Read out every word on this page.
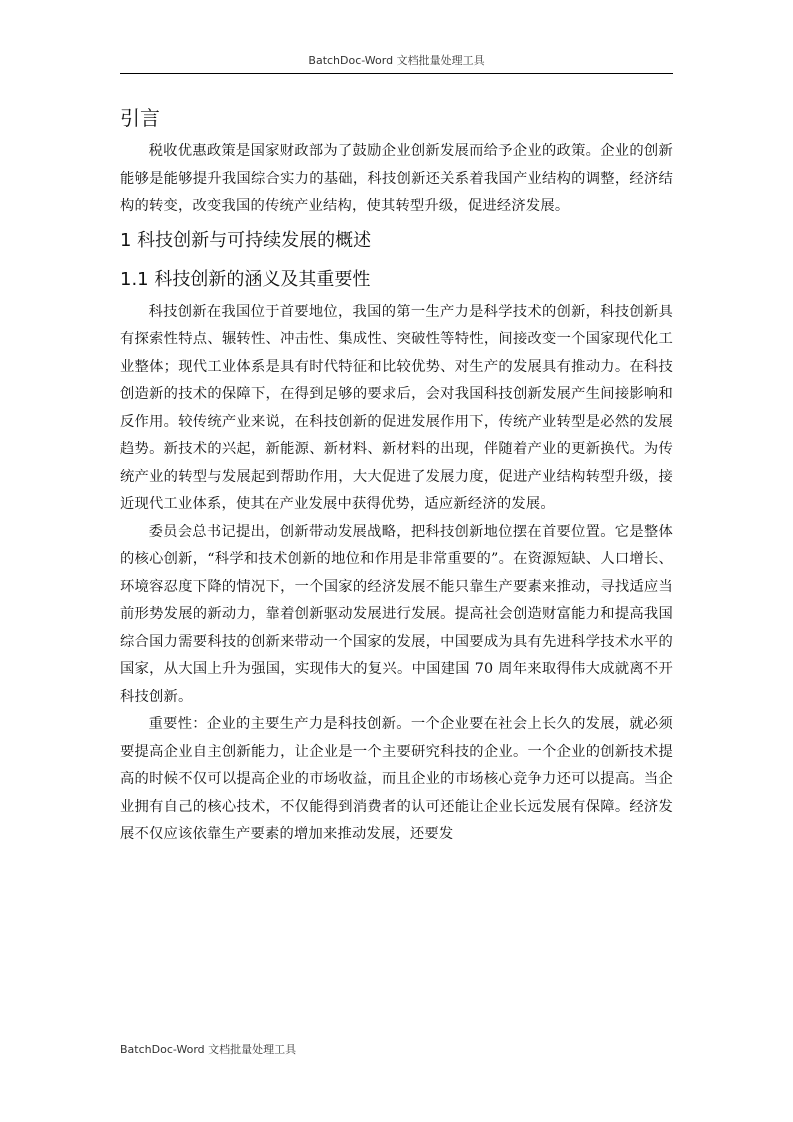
BatchDoc-Word 文档批量处理工具
引言

税收优惠政策是国家财政部为了鼓励企业创新发展而给予企业的政策。企业的创新能够是能够提升我国综合实力的基础，科技创新还关系着我国产业结构的调整，经济结构的转变，改变我国的传统产业结构，使其转型升级，促进经济发展。

1 科技创新与可持续发展的概述
1.1 科技创新的涵义及其重要性

科技创新在我国位于首要地位，我国的第一生产力是科学技术的创新，科技创新具有探索性特点、辗转性、冲击性、集成性、突破性等特性，间接改变一个国家现代化工业整体；现代工业体系是具有时代特征和比较优势、对生产的发展具有推动力。在科技创造新的技术的保障下，在得到足够的要求后，会对我国科技创新发展产生间接影响和反作用。较传统产业来说，在科技创新的促进发展作用下，传统产业转型是必然的发展趋势。新技术的兴起，新能源、新材料、新材料的出现，伴随着产业的更新换代。为传统产业的转型与发展起到帮助作用，大大促进了发展力度，促进产业结构转型升级，接近现代工业体系，使其在产业发展中获得优势，适应新经济的发展。

委员会总书记提出，创新带动发展战略，把科技创新地位摆在首要位置。它是整体的核心创新，“科学和技术创新的地位和作用是非常重要的”。在资源短缺、人口增长、环境容忍度下降的情况下，一个国家的经济发展不能只靠生产要素来推动，寻找适应当前形势发展的新动力，靠着创新驱动发展进行发展。提高社会创造财富能力和提高我国综合国力需要科技的创新来带动一个国家的发展，中国要成为具有先进科学技术水平的国家，从大国上升为强国，实现伟大的复兴。中国建国 70 周年来取得伟大成就离不开科技创新。

重要性：企业的主要生产力是科技创新。一个企业要在社会上长久的发展，就必须要提高企业自主创新能力，让企业是一个主要研究科技的企业。一个企业的创新技术提高的时候不仅可以提高企业的市场收益，而且企业的市场核心竞争力还可以提高。当企业拥有自己的核心技术，不仅能得到消费者的认可还能让企业长远发展有保障。经济发展不仅应该依靠生产要素的增加来推动发展，还要发

BatchDoc-Word 文档批量处理工具
